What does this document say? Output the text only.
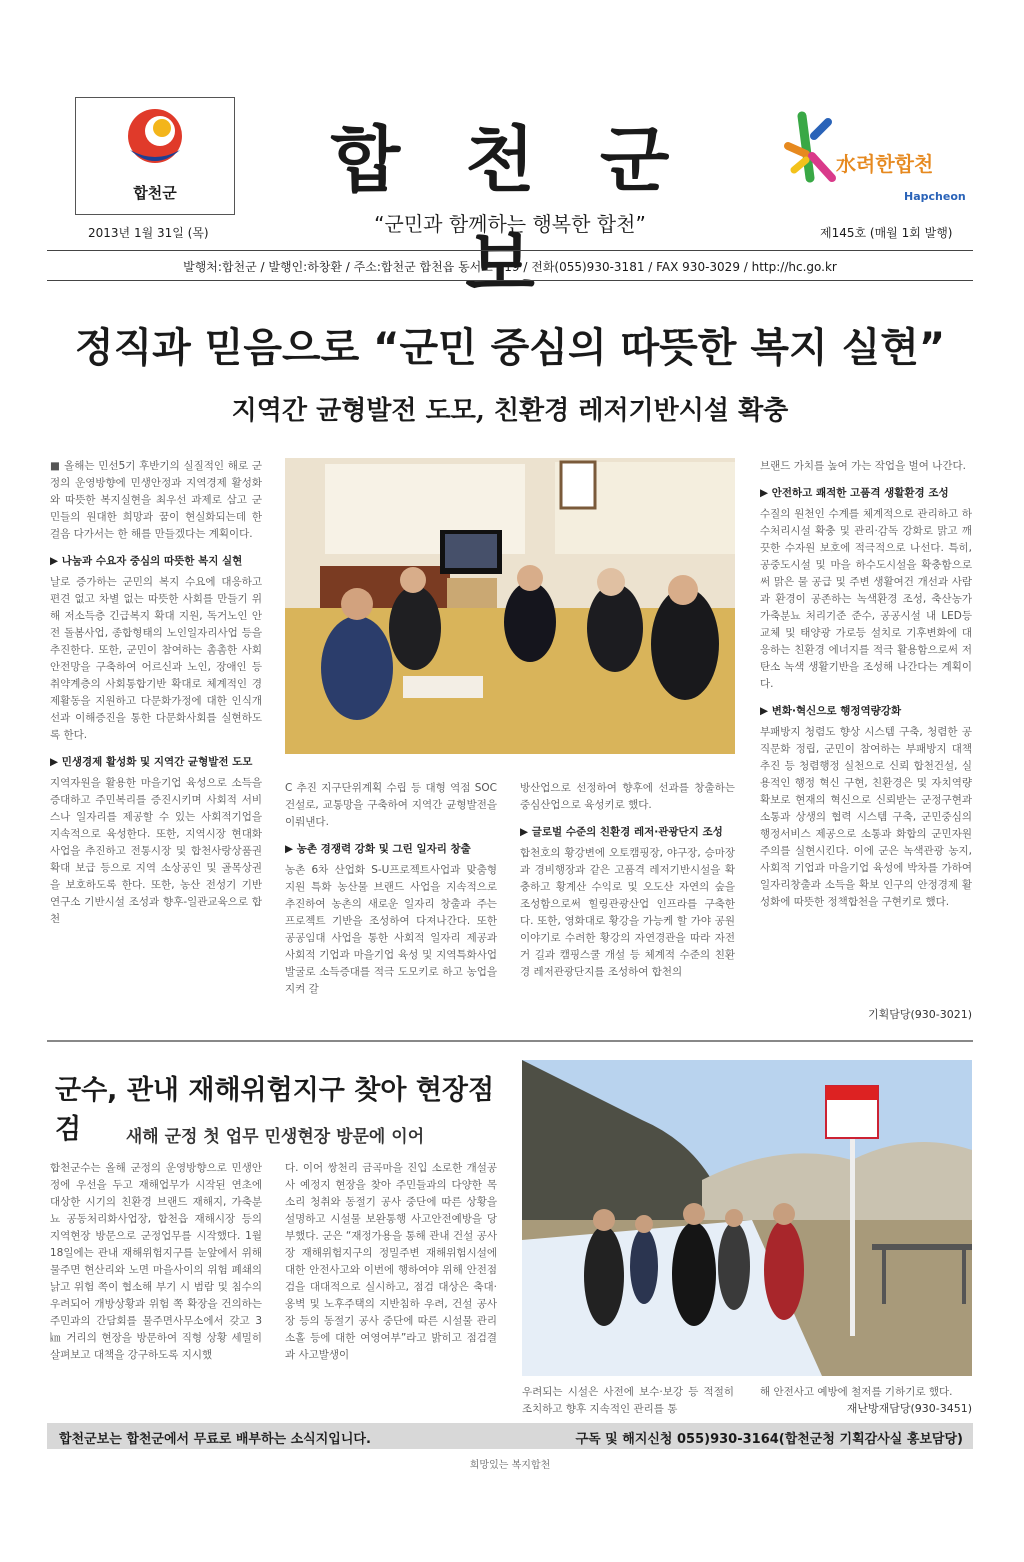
합천군	합 천 군 보
“군민과 함께하는 행복한 합천”
水려한합천
Hapcheon
2013년 1월 31일 (목)	제145호 (매월 1회 발행)
발행처:합천군 / 발행인:하창환 / 주소:합천군 합천읍 동서로 119 / 전화(055)930-3181 / FAX 930-3029 / http://hc.go.kr
정직과 믿음으로 “군민 중심의 따뜻한 복지 실현”
지역간 균형발전 도모, 친환경 레저기반시설 확충

■ 올해는 민선5기 후반기의 실질적인 해로 군정의 운영방향에 민생안정과 지역경제 활성화와 따뜻한 복지실현을 최우선 과제로 삼고 군민들의 원대한 희망과 꿈이 현실화되는데 한 걸음 다가서는 한 해를 만들겠다는 계획이다.

▶ 나눔과 수요자 중심의 따뜻한 복지 실현

날로 증가하는 군민의 복지 수요에 대응하고 편견 없고 차별 없는 따뜻한 사회를 만들기 위해 저소득층 긴급복지 확대 지원, 독거노인 안전 돌봄사업, 종합형태의 노인일자리사업 등을 추진한다. 또한, 군민이 참여하는 촘촘한 사회안전망을 구축하여 어르신과 노인, 장애인 등 취약계층의 사회통합기반 확대로 체계적인 경제활동을 지원하고 다문화가정에 대한 인식개선과 이해증진을 통한 다문화사회를 실현하도록 한다.

▶ 민생경제 활성화 및 지역간 균형발전 도모

지역자원을 활용한 마을기업 육성으로 소득을 증대하고 주민복리를 증진시키며 사회적 서비스나 일자리를 제공할 수 있는 사회적기업을 지속적으로 육성한다. 또한, 지역시장 현대화 사업을 추진하고 전통시장 및 합천사랑상품권 확대 보급 등으로 지역 소상공인 및 골목상권을 보호하도록 한다. 또한, 농산 전성기 기반 연구소 기반시설 조성과 향후-일관교육으로 합천

C 추진 지구단위계획 수립 등 대형 역점 SOC 건설로, 교통망을 구축하여 지역간 균형발전을 이뤄낸다.

▶ 농촌 경쟁력 강화 및 그린 일자리 창출

농촌 6차 산업화 S-U프로젝트사업과 맞춤형 지원 특화 농산물 브랜드 사업을 지속적으로 추진하여 농촌의 새로운 일자리 창출과 주는 프로젝트 기반을 조성하여 다져나간다. 또한 공공임대 사업을 통한 사회적 일자리 제공과 사회적 기업과 마을기업 육성 및 지역특화사업 발굴로 소득증대를 적극 도모키로 하고 농업을 지켜 갈

방산업으로 선정하여 향후에 선과를 창출하는 중심산업으로 육성키로 했다.

▶ 글로벌 수준의 친환경 레저·관광단지 조성

합천호의 황강변에 오토캠핑장, 야구장, 승마장과 경비행장과 같은 고품격 레저기반시설을 확충하고 황계산 수익로 및 오도산 자연의 숲을 조성함으로써 힐링관광산업 인프라를 구축한다. 또한, 영화대로 황강을 가능케 할 가야 공원 이야기로 수려한 황강의 자연경관을 따라 자전거 길과 캠핑스쿨 개설 등 체계적 수준의 친환경 레저관광단지를 조성하여 합천의

브랜드 가치를 높여 가는 작업을 벌여 나간다.

▶ 안전하고 쾌적한 고품격 생활환경 조성

수질의 원천인 수계를 체계적으로 관리하고 하수처리시설 확충 및 관리·감독 강화로 맑고 깨끗한 수자원 보호에 적극적으로 나선다. 특히, 공중도시설 및 마을 하수도시설을 확충함으로써 맑은 물 공급 및 주변 생활여건 개선과 사람과 환경이 공존하는 녹색환경 조성, 축산농가 가축분뇨 처리기준 준수, 공공시설 내 LED등 교체 및 태양광 가로등 설치로 기후변화에 대응하는 친환경 에너지를 적극 활용함으로써 저탄소 녹색 생활기반을 조성해 나간다는 계획이다.

▶ 변화·혁신으로 행정역량강화

부패방지 청렴도 향상 시스템 구축, 청렴한 공직문화 정립, 군민이 참여하는 부패방지 대책추진 등 청렴행정 실천으로 신뢰 합천건설, 실용적인 행정 혁신 구현, 친환경은 및 자치역량 확보로 현재의 혁신으로 신뢰받는 군정구현과 소통과 상생의 협력 시스템 구축, 군민중심의 행정서비스 제공으로 소통과 화합의 군민자원주의를 실현시킨다. 이에 군은 녹색관광 농지, 사회적 기업과 마을기업 육성에 박차를 가하여 일자리창출과 소득을 확보 인구의 안정경제 활성화에 따뜻한 정책합천을 구현키로 했다.

기획담당(930-3021)
군수, 관내 재해위험지구 찾아 현장점검	새해 군정 첫 업무 민생현장 방문에 이어

합천군수는 올해 군정의 운영방향으로 민생안정에 우선을 두고 재해업무가 시작된 연초에 대상한 시기의 친환경 브랜드 재해지, 가축분뇨 공동처리화사업장, 합천읍 재해시장 등의 지역현장 방문으로 군정업무를 시작했다. 1월 18일에는 관내 재해위험지구를 눈앞에서 위해 물주면 현산리와 노면 마을사이의 위험 폐쇄의 낡고 위험 쪽이 협소해 부기 시 범람 및 침수의 우려되어 개방상황과 위험 쪽 확장을 건의하는 주민과의 간담회를 물주면사무소에서 갖고 3㎞ 거리의 현장을 방문하여 직형 상황 세밀히 살펴보고 대책을 강구하도록 지시했

다. 이어 쌍천리 금곡마을 진입 소로한 개설공사 예정지 현장을 찾아 주민들과의 다양한 목소리 청취와 동절기 공사 중단에 따른 상황을 설명하고 시설물 보완통행 사고안전예방을 당부했다. 군은 “재정가용을 통해 관내 건설 공사장 재해위험지구의 정밀주변 재해위험시설에 대한 안전사고와 이번에 행하여야 위해 안전점검을 대대적으로 실시하고, 점검 대상은 축대·옹벽 및 노후주택의 지반침하 우려, 건설 공사장 등의 동절기 공사 중단에 따른 시설물 관리소홀 등에 대한 여영여부”라고 밝히고 점검결과 사고발생이

우려되는 시설은 사전에 보수·보강 등 적절히 조치하고 향후 지속적인 관리를 통

해 안전사고 예방에 철저를 기하기로 했다.

재난방재담당(930-3451)
합천군보는 합천군에서 무료로 배부하는 소식지입니다.	구독 및 해지신청 055)930-3164(합천군청 기획감사실 홍보담당)
희망있는 복지합천
